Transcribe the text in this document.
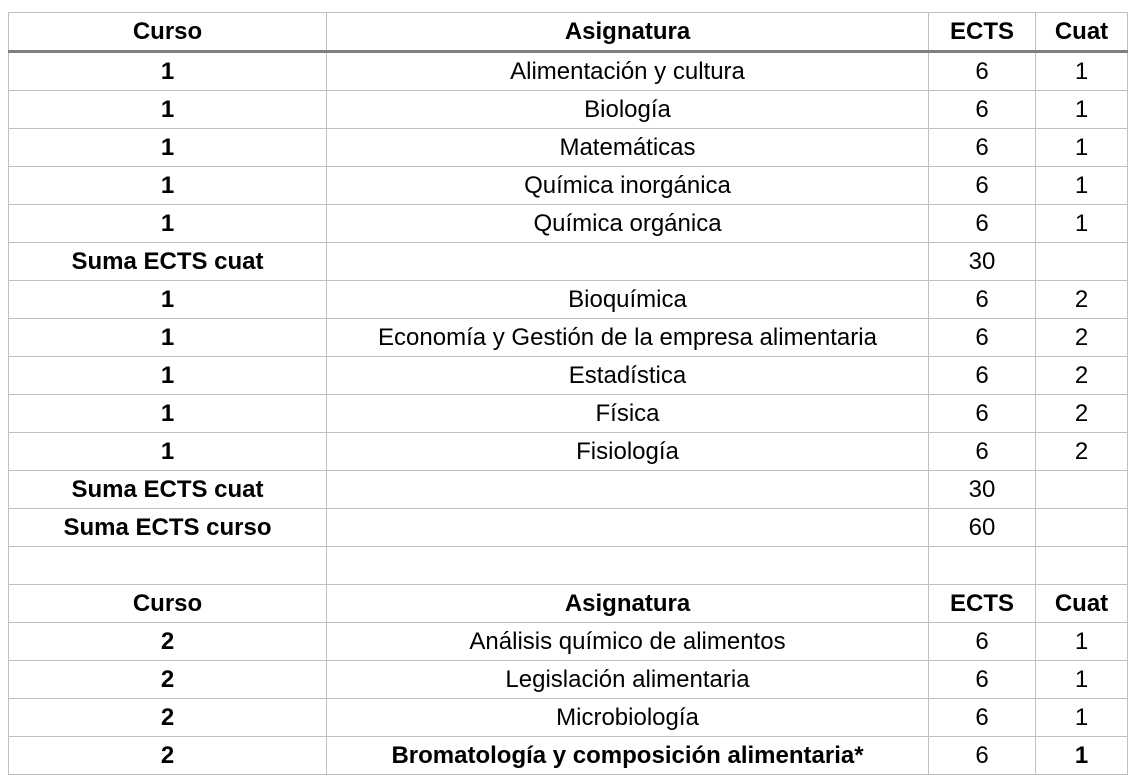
Curso	Asignatura	ECTS	Cuat
1	Alimentación y cultura	6	1
1	Biología	6	1
1	Matemáticas	6	1
1	Química inorgánica	6	1
1	Química orgánica	6	1
Suma ECTS cuat		30	
1	Bioquímica	6	2
1	Economía y Gestión de la empresa alimentaria	6	2
1	Estadística	6	2
1	Física	6	2
1	Fisiología	6	2
Suma ECTS cuat		30	
Suma ECTS curso		60	

Curso	Asignatura	ECTS	Cuat
2	Análisis químico de alimentos	6	1
2	Legislación alimentaria	6	1
2	Microbiología	6	1
2	Bromatología y composición alimentaria*	6	1
